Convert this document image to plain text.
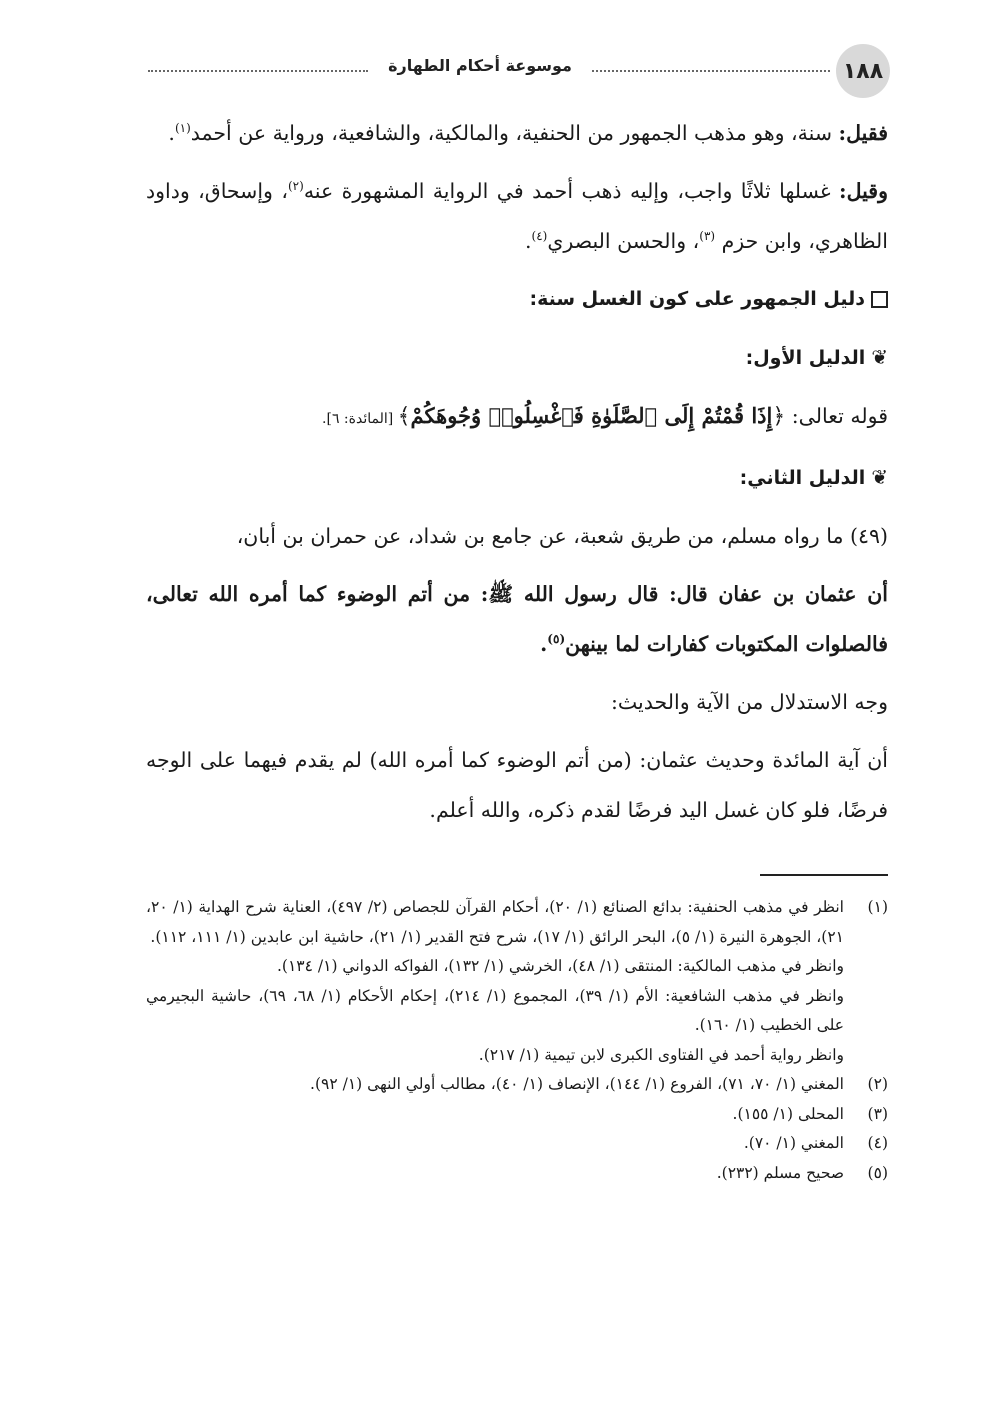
١٨٨
موسوعة أحكام الطهارة

فقيل: سنة، وهو مذهب الجمهور من الحنفية، والمالكية، والشافعية، ورواية عن أحمد$^{(١)}$.

وقيل: غسلها ثلاثًا واجب، وإليه ذهب أحمد في الرواية المشهورة عنه$^{(٢)}$، وإسحاق، وداود الظاهري، وابن حزم $^{(٣)}$، والحسن البصري$^{(٤)}$.

دليل الجمهور على كون الغسل سنة:

❦الدليل الأول:

قوله تعالى: ﴿إِذَا قُمْتُمْ إِلَى ٱلصَّلَوٰةِ فَٱغْسِلُوا۟ وُجُوهَكُمْ﴾ [المائدة: ٦].

❦الدليل الثاني:

(٤٩) ما رواه مسلم، من طريق شعبة، عن جامع بن شداد، عن حمران بن أبان،

أن عثمان بن عفان قال: قال رسول الله ﷺ: من أتم الوضوء كما أمره الله تعالى، فالصلوات المكتوبات كفارات لما بينهن$^{(٥)}$.

وجه الاستدلال من الآية والحديث:

أن آية المائدة وحديث عثمان: (من أتم الوضوء كما أمره الله) لم يقدم فيهما على الوجه فرضًا، فلو كان غسل اليد فرضًا لقدم ذكره، والله أعلم.

(١)
انظر في مذهب الحنفية: بدائع الصنائع (١/ ٢٠)، أحكام القرآن للجصاص (٢/ ٤٩٧)، العناية شرح الهداية (١/ ٢٠، ٢١)، الجوهرة النيرة (١/ ٥)، البحر الرائق (١/ ١٧)، شرح فتح القدير (١/ ٢١)، حاشية ابن عابدين (١/ ١١١، ١١٢).
وانظر في مذهب المالكية: المنتقى (١/ ٤٨)، الخرشي (١/ ١٣٢)، الفواكه الدواني (١/ ١٣٤).
وانظر في مذهب الشافعية: الأم (١/ ٣٩)، المجموع (١/ ٢١٤)، إحكام الأحكام (١/ ٦٨، ٦٩)، حاشية البجيرمي على الخطيب (١/ ١٦٠).
وانظر رواية أحمد في الفتاوى الكبرى لابن تيمية (١/ ٢١٧).
(٢)
المغني (١/ ٧٠، ٧١)، الفروع (١/ ١٤٤)، الإنصاف (١/ ٤٠)، مطالب أولي النهى (١/ ٩٢).
(٣)
المحلى (١/ ١٥٥).
(٤)
المغني (١/ ٧٠).
(٥)
صحيح مسلم (٢٣٢).
